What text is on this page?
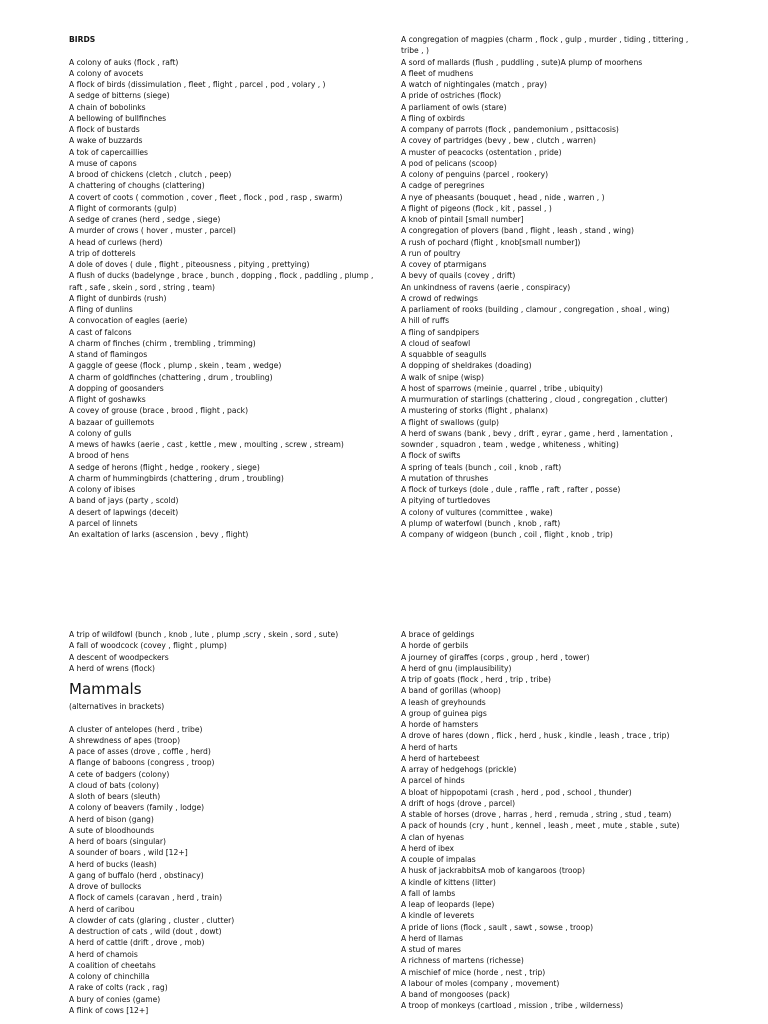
BIRDS

A colony of auks (flock , raft)

A colony of avocets

A flock of birds (dissimulation , fleet , flight , parcel , pod , volary , )

A sedge of bitterns (siege)

A chain of bobolinks

A bellowing of bullfinches

A flock of bustards

A wake of buzzards

A tok of capercaillies

A muse of capons

A brood of chickens (cletch , clutch , peep)

A chattering of choughs (clattering)

A covert of coots ( commotion , cover , fleet , flock , pod , rasp , swarm)

A flight of cormorants (gulp)

A sedge of cranes (herd , sedge , siege)

A murder of crows ( hover , muster , parcel)

A head of curlews (herd)

A trip of dotterels

A dole of doves ( dule , flight , piteousness , pitying , prettying)

A flush of ducks (badelynge , brace , bunch , dopping , flock , paddling , plump , raft , safe , skein , sord , string , team)

A flight of dunbirds (rush)

A fling of dunlins

A convocation of eagles (aerie)

A cast of falcons

A charm of finches (chirm , trembling , trimming)

A stand of flamingos

A gaggle of geese (flock , plump , skein , team , wedge)

A charm of goldfinches (chattering , drum , troubling)

A dopping of goosanders

A flight of goshawks

A covey of grouse (brace , brood , flight , pack)

A bazaar of guillemots

A colony of gulls

A mews of hawks (aerie , cast , kettle , mew , moulting , screw , stream)

A brood of hens

A sedge of herons (flight , hedge , rookery , siege)

A charm of hummingbirds (chattering , drum , troubling)

A colony of ibises

A band of jays (party , scold)

A desert of lapwings (deceit)

A parcel of linnets

An exaltation of larks (ascension , bevy , flight)

A congregation of magpies (charm , flock , gulp , murder , tiding , tittering , tribe , )

A sord of mallards (flush , puddling , sute)A plump of moorhens

A fleet of mudhens

A watch of nightingales (match , pray)

A pride of ostriches (flock)

A parliament of owls (stare)

A fling of oxbirds

A company of parrots (flock , pandemonium , psittacosis)

A covey of partridges (bevy , bew , clutch , warren)

A muster of peacocks (ostentation , pride)

A pod of pelicans (scoop)

A colony of penguins (parcel , rookery)

A cadge of peregrines

A nye of pheasants (bouquet , head , nide , warren , )

A flight of pigeons (flock , kit , passel , )

A knob of pintail [small number]

A congregation of plovers (band , flight , leash , stand , wing)

A rush of pochard (flight , knob[small number])

A run of poultry

A covey of ptarmigans

A bevy of quails (covey , drift)

An unkindness of ravens (aerie , conspiracy)

A crowd of redwings

A parliament of rooks (building , clamour , congregation , shoal , wing)

A hill of ruffs

A fling of sandpipers

A cloud of seafowl

A squabble of seagulls

A dopping of sheldrakes (doading)

A walk of snipe (wisp)

A host of sparrows (meinie , quarrel , tribe , ubiquity)

A murmuration of starlings (chattering , cloud , congregation , clutter)

A mustering of storks (flight , phalanx)

A flight of swallows (gulp)

A herd of swans (bank , bevy , drift , eyrar , game , herd , lamentation , sownder , squadron , team , wedge , whiteness , whiting)

A flock of swifts

A spring of teals (bunch , coil , knob , raft)

A mutation of thrushes

A flock of turkeys (dole , dule , raffle , raft , rafter , posse)

A pitying of turtledoves

A colony of vultures (committee , wake)

A plump of waterfowl (bunch , knob , raft)

A company of widgeon (bunch , coil , flight , knob , trip)

A trip of wildfowl (bunch , knob , lute , plump ,scry , skein , sord , sute)

A fall of woodcock (covey , flight , plump)

A descent of woodpeckers

A herd of wrens (flock)

Mammals

(alternatives in brackets)

A cluster of antelopes (herd , tribe)

A shrewdness of apes (troop)

A pace of asses (drove , coffle , herd)

A flange of baboons (congress , troop)

A cete of badgers (colony)

A cloud of bats (colony)

A sloth of bears (sleuth)

A colony of beavers (family , lodge)

A herd of bison (gang)

A sute of bloodhounds

A herd of boars (singular)

A sounder of boars , wild [12+]

A herd of bucks (leash)

A gang of buffalo (herd , obstinacy)

A drove of bullocks

A flock of camels (caravan , herd , train)

A herd of caribou

A clowder of cats (glaring , cluster , clutter)

A destruction of cats , wild (dout , dowt)

A herd of cattle (drift , drove , mob)

A herd of chamois

A coalition of cheetahs

A colony of chinchilla

A rake of colts (rack , rag)

A bury of conies (game)

A flink of cows [12+]

A brace of geldings

A horde of gerbils

A journey of giraffes (corps , group , herd , tower)

A herd of gnu (implausibility)

A trip of goats (flock , herd , trip , tribe)

A band of gorillas (whoop)

A leash of greyhounds

A group of guinea pigs

A horde of hamsters

A drove of hares (down , flick , herd , husk , kindle , leash , trace , trip)

A herd of harts

A herd of hartebeest

A array of hedgehogs (prickle)

A parcel of hinds

A bloat of hippopotami (crash , herd , pod , school , thunder)

A drift of hogs (drove , parcel)

A stable of horses (drove , harras , herd , remuda , string , stud , team)

A pack of hounds (cry , hunt , kennel , leash , meet , mute , stable , sute)

A clan of hyenas

A herd of ibex

A couple of impalas

A husk of jackrabbitsA mob of kangaroos (troop)

A kindle of kittens (litter)

A fall of lambs

A leap of leopards (lepe)

A kindle of leverets

A pride of lions (flock , sault , sawt , sowse , troop)

A herd of llamas

A stud of mares

A richness of martens (richesse)

A mischief of mice (horde , nest , trip)

A labour of moles (company , movement)

A band of mongooses (pack)

A troop of monkeys (cartload , mission , tribe , wilderness)
